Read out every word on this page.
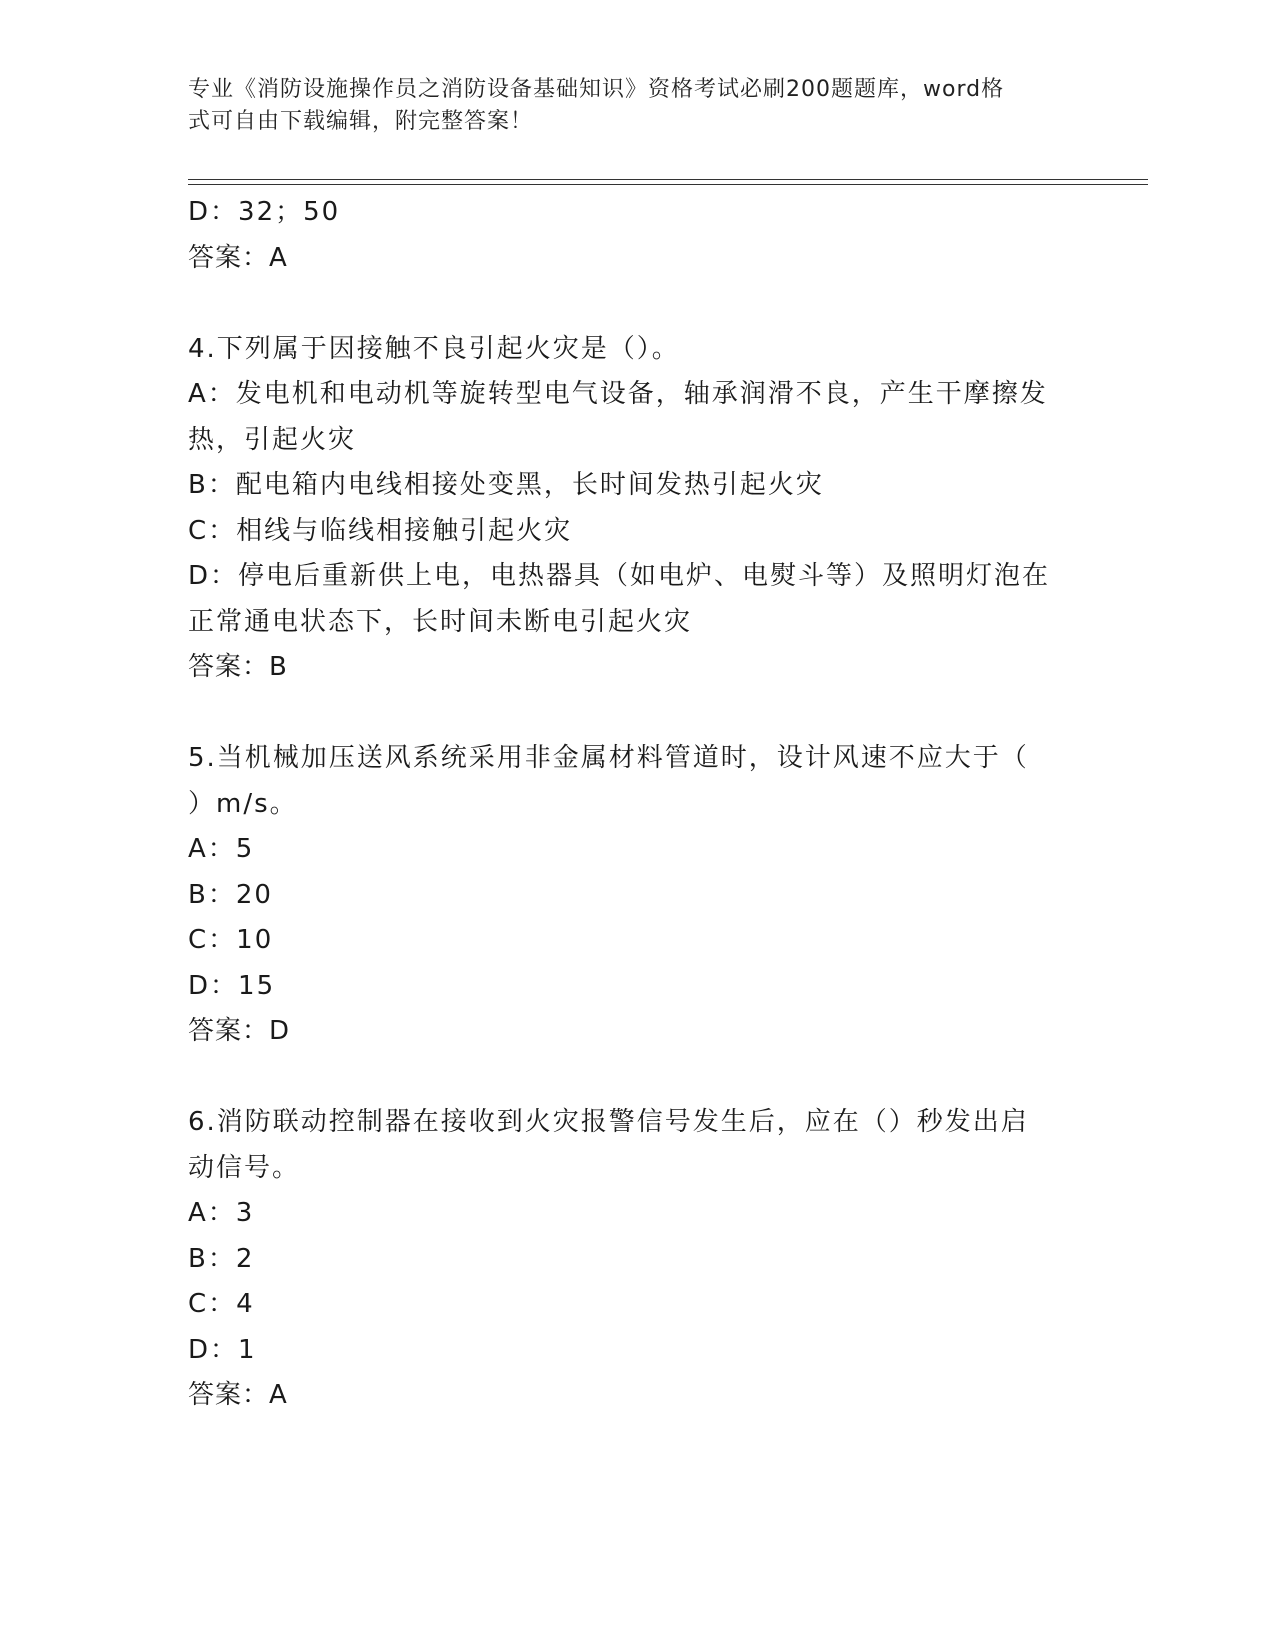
专业《消防设施操作员之消防设备基础知识》资格考试必刷200题题库，word格
式可自由下载编辑，附完整答案！
D：32；50
答案：A
4.下列属于因接触不良引起火灾是（）。
A：发电机和电动机等旋转型电气设备，轴承润滑不良，产生干摩擦发
热，引起火灾
B：配电箱内电线相接处变黑，长时间发热引起火灾
C：相线与临线相接触引起火灾
D：停电后重新供上电，电热器具（如电炉、电熨斗等）及照明灯泡在
正常通电状态下，长时间未断电引起火灾
答案：B
5.当机械加压送风系统采用非金属材料管道时，设计风速不应大于（
）m/s。
A：5
B：20
C：10
D：15
答案：D
6.消防联动控制器在接收到火灾报警信号发生后，应在（）秒发出启
动信号。
A：3
B：2
C：4
D：1
答案：A
